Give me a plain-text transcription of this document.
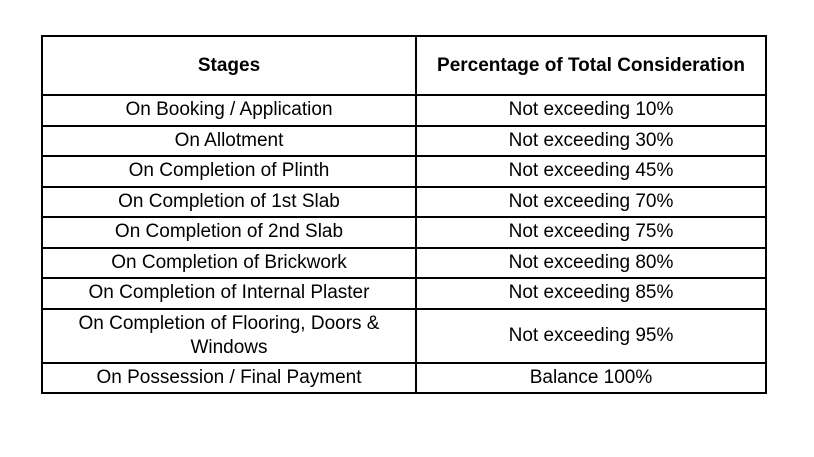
Stages	Percentage of Total Consideration
On Booking / Application	Not exceeding 10%
On Allotment	Not exceeding 30%
On Completion of Plinth	Not exceeding 45%
On Completion of 1st Slab	Not exceeding 70%
On Completion of 2nd Slab	Not exceeding 75%
On Completion of Brickwork	Not exceeding 80%
On Completion of Internal Plaster	Not exceeding 85%
On Completion of Flooring, Doors & Windows	Not exceeding 95%
On Possession / Final Payment	Balance 100%
